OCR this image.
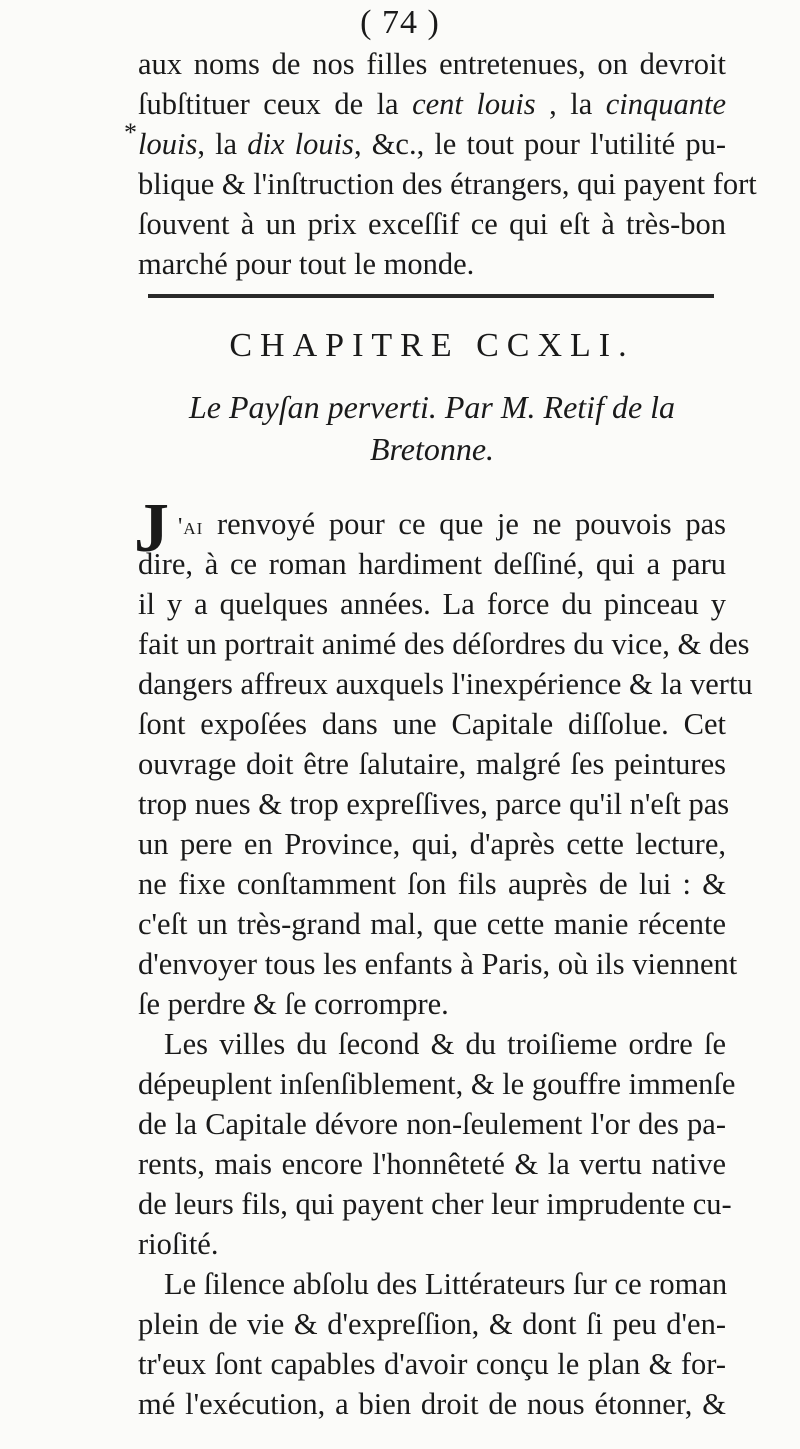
( 74 )
aux noms de nos filles entretenues, on devroit
ſubſtituer ceux de la cent louis , la cinquante
louis, la dix louis, &c., le tout pour l'utilité pu-
blique & l'inſtruction des étrangers, qui payent fort
ſouvent à un prix exceſſif ce qui eſt à très-bon
marché pour tout le monde.
*
CHAPITRE CCXLI.
Le Payſan perverti. Par M. Retif de la
Bretonne.
J 'ai renvoyé pour ce que je ne pouvois pas
dire, à ce roman hardiment deſſiné, qui a paru
il y a quelques années. La force du pinceau y
fait un portrait animé des déſordres du vice, & des
dangers affreux auxquels l'inexpérience & la vertu
ſont expoſées dans une Capitale diſſolue. Cet
ouvrage doit être ſalutaire, malgré ſes peintures
trop nues & trop expreſſives, parce qu'il n'eſt pas
un pere en Province, qui, d'après cette lecture,
ne fixe conſtamment ſon fils auprès de lui : &
c'eſt un très-grand mal, que cette manie récente
d'envoyer tous les enfants à Paris, où ils viennent
ſe perdre & ſe corrompre.
Les villes du ſecond & du troiſieme ordre ſe
dépeuplent inſenſiblement, & le gouffre immenſe
de la Capitale dévore non-ſeulement l'or des pa-
rents, mais encore l'honnêteté & la vertu native
de leurs fils, qui payent cher leur imprudente cu-
rioſité.
Le ſilence abſolu des Littérateurs ſur ce roman
plein de vie & d'expreſſion, & dont ſi peu d'en-
tr'eux ſont capables d'avoir conçu le plan & for-
mé l'exécution, a bien droit de nous étonner, &
